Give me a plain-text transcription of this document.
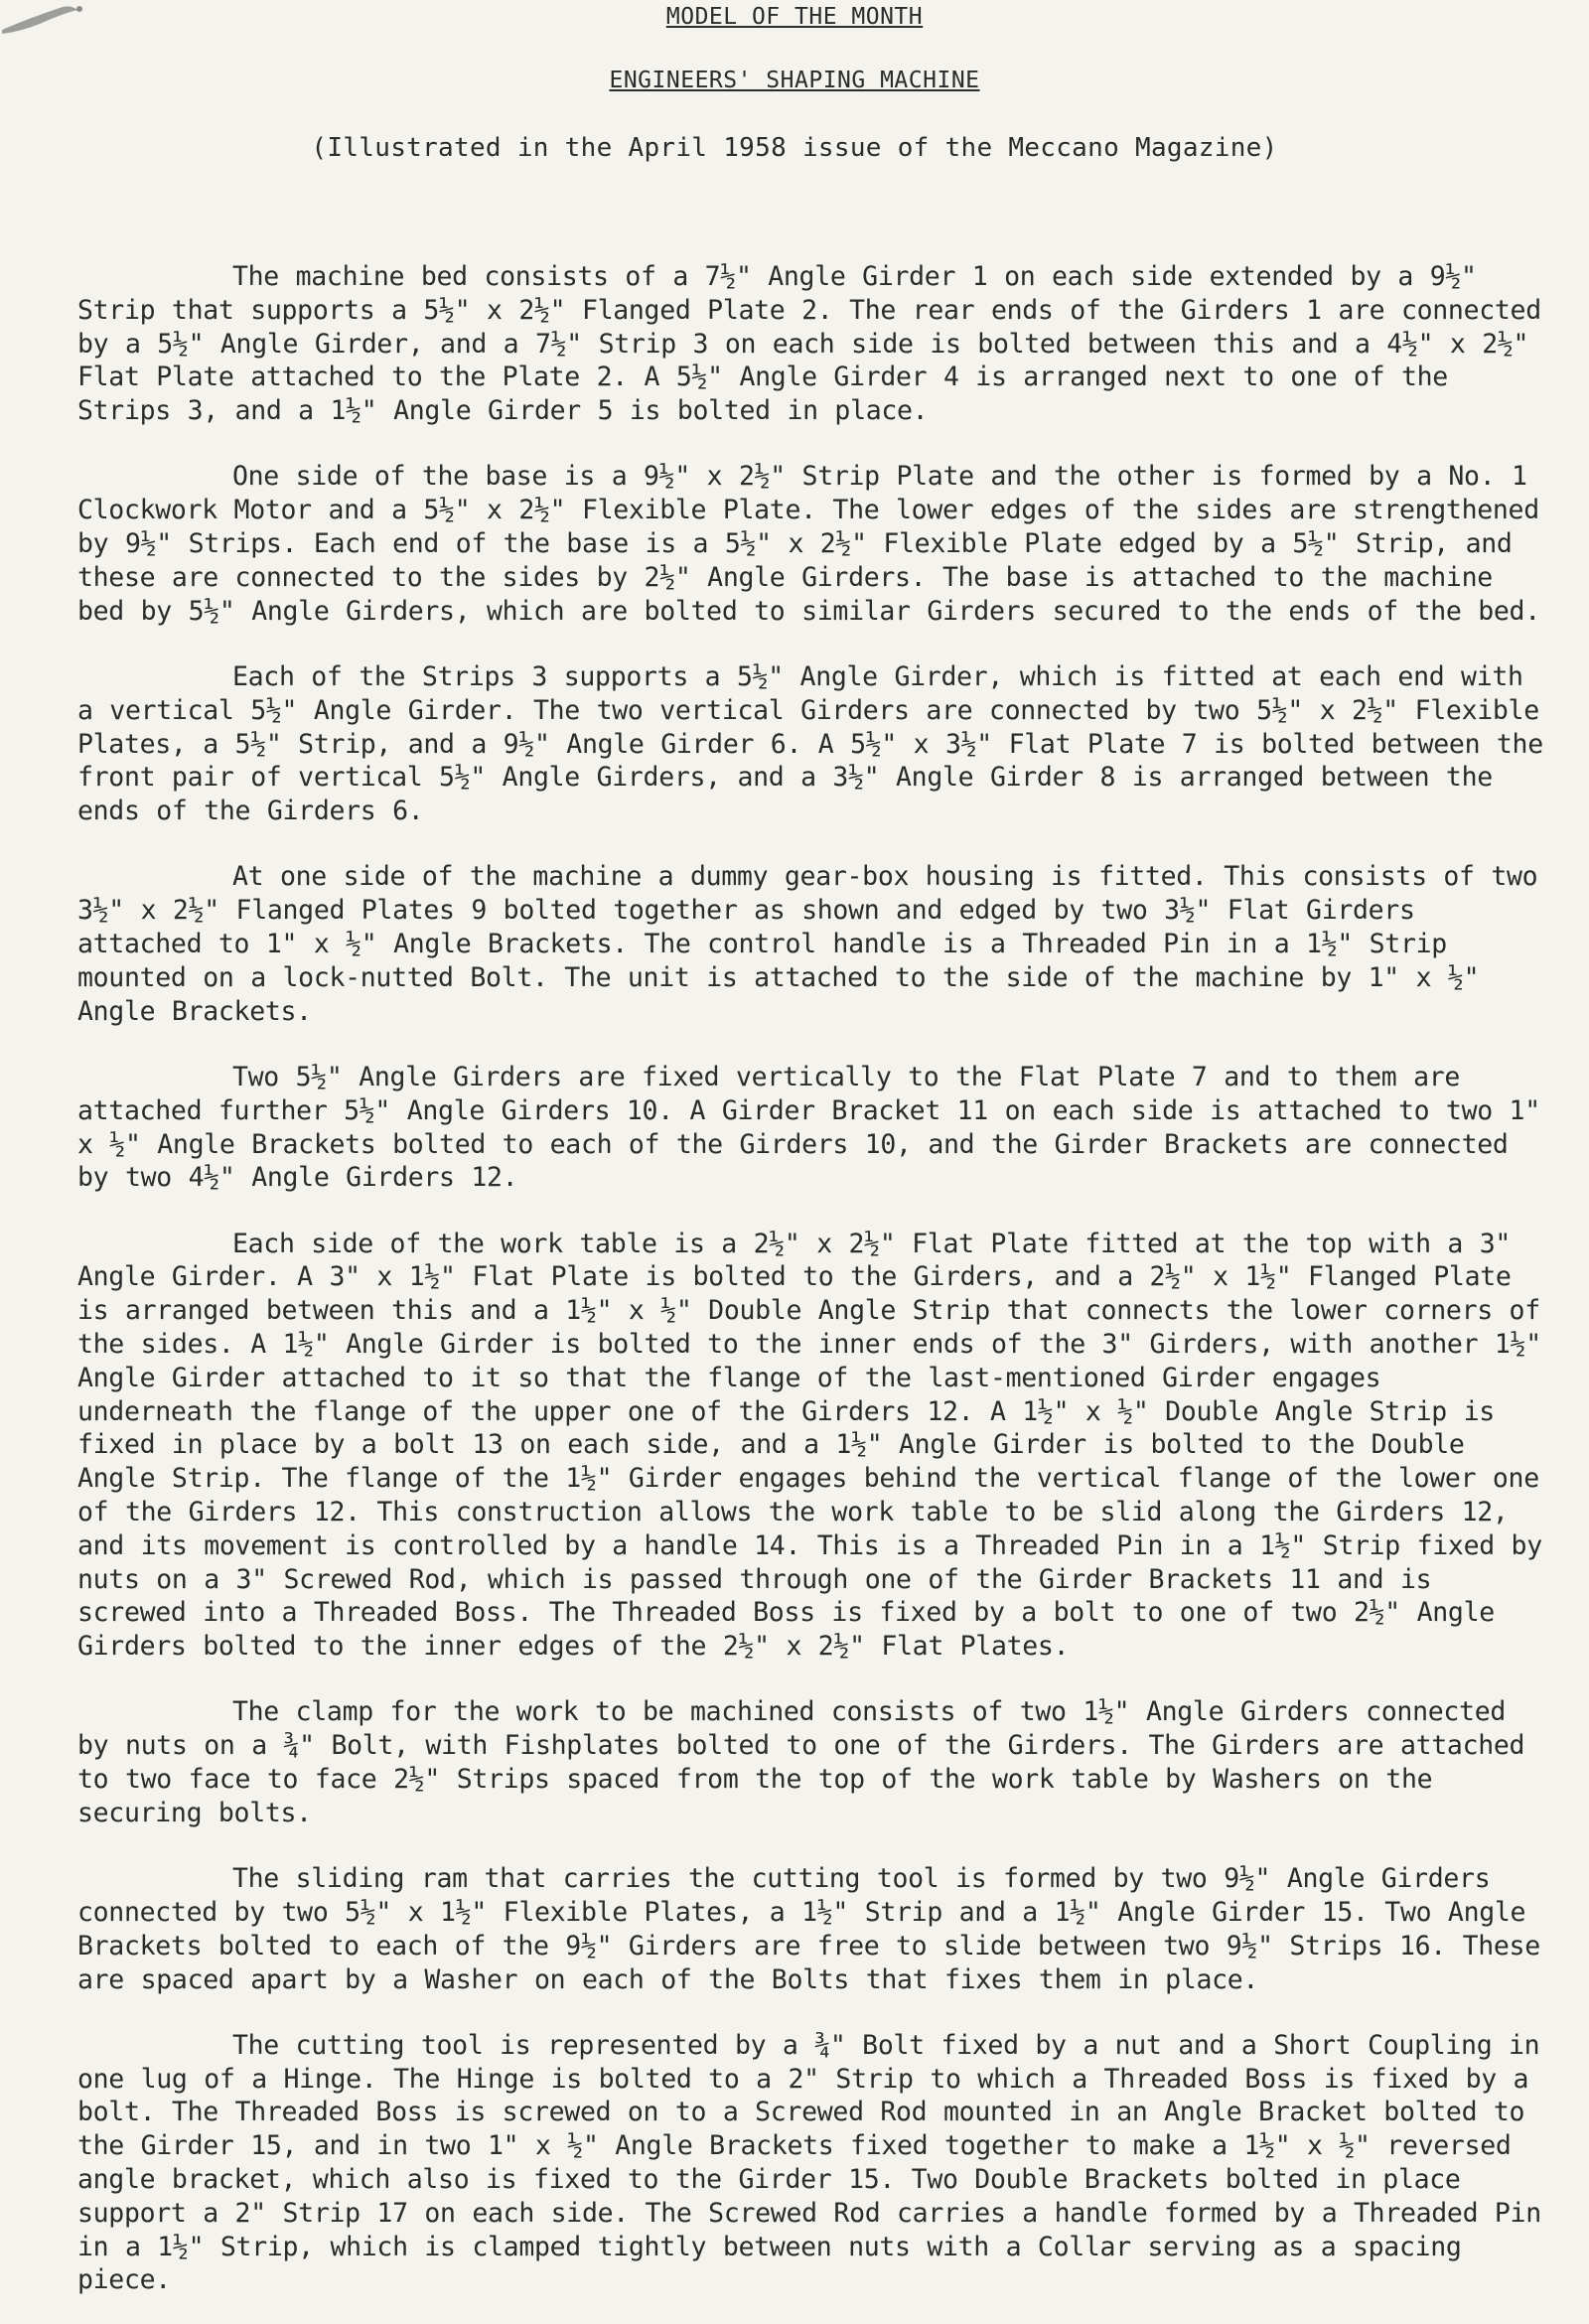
MODEL OF THE MONTH
ENGINEERS' SHAPING MACHINE
(Illustrated in the April 1958 issue of the Meccano Magazine)

The machine bed consists of a 7½" Angle Girder 1 on each side extended by a 9½" Strip that supports a 5½" x 2½" Flanged Plate 2. The rear ends of the Girders 1 are connected by a 5½" Angle Girder, and a 7½" Strip 3 on each side is bolted between this and a 4½" x 2½" Flat Plate attached to the Plate 2. A 5½" Angle Girder 4 is arranged next to one of the Strips 3, and a 1½" Angle Girder 5 is bolted in place.

One side of the base is a 9½" x 2½" Strip Plate and the other is formed by a No. 1 Clockwork Motor and a 5½" x 2½" Flexible Plate. The lower edges of the sides are strengthened by 9½" Strips. Each end of the base is a 5½" x 2½" Flexible Plate edged by a 5½" Strip, and these are connected to the sides by 2½" Angle Girders. The base is attached to the machine bed by 5½" Angle Girders, which are bolted to similar Girders secured to the ends of the bed.

Each of the Strips 3 supports a 5½" Angle Girder, which is fitted at each end with a vertical 5½" Angle Girder. The two vertical Girders are connected by two 5½" x 2½" Flexible Plates, a 5½" Strip, and a 9½" Angle Girder 6. A 5½" x 3½" Flat Plate 7 is bolted between the front pair of vertical 5½" Angle Girders, and a 3½" Angle Girder 8 is arranged between the ends of the Girders 6.

At one side of the machine a dummy gear-box housing is fitted. This consists of two 3½" x 2½" Flanged Plates 9 bolted together as shown and edged by two 3½" Flat Girders attached to 1" x ½" Angle Brackets. The control handle is a Threaded Pin in a 1½" Strip mounted on a lock-nutted Bolt. The unit is attached to the side of the machine by 1" x ½" Angle Brackets.

Two 5½" Angle Girders are fixed vertically to the Flat Plate 7 and to them are attached further 5½" Angle Girders 10. A Girder Bracket 11 on each side is attached to two 1" x ½" Angle Brackets bolted to each of the Girders 10, and the Girder Brackets are connected by two 4½" Angle Girders 12.

Each side of the work table is a 2½" x 2½" Flat Plate fitted at the top with a 3" Angle Girder. A 3" x 1½" Flat Plate is bolted to the Girders, and a 2½" x 1½" Flanged Plate is arranged between this and a 1½" x ½" Double Angle Strip that connects the lower corners of the sides. A 1½" Angle Girder is bolted to the inner ends of the 3" Girders, with another 1½" Angle Girder attached to it so that the flange of the last-mentioned Girder engages underneath the flange of the upper one of the Girders 12. A 1½" x ½" Double Angle Strip is fixed in place by a bolt 13 on each side, and a 1½" Angle Girder is bolted to the Double Angle Strip. The flange of the 1½" Girder engages behind the vertical flange of the lower one of the Girders 12. This construction allows the work table to be slid along the Girders 12, and its movement is controlled by a handle 14. This is a Threaded Pin in a 1½" Strip fixed by nuts on a 3" Screwed Rod, which is passed through one of the Girder Brackets 11 and is screwed into a Threaded Boss. The Threaded Boss is fixed by a bolt to one of two 2½" Angle Girders bolted to the inner edges of the 2½" x 2½" Flat Plates.

The clamp for the work to be machined consists of two 1½" Angle Girders connected by nuts on a ¾" Bolt, with Fishplates bolted to one of the Girders. The Girders are attached to two face to face 2½" Strips spaced from the top of the work table by Washers on the securing bolts.

The sliding ram that carries the cutting tool is formed by two 9½" Angle Girders connected by two 5½" x 1½" Flexible Plates, a 1½" Strip and a 1½" Angle Girder 15. Two Angle Brackets bolted to each of the 9½" Girders are free to slide between two 9½" Strips 16. These are spaced apart by a Washer on each of the Bolts that fixes them in place.

The cutting tool is represented by a ¾" Bolt fixed by a nut and a Short Coupling in one lug of a Hinge. The Hinge is bolted to a 2" Strip to which a Threaded Boss is fixed by a bolt. The Threaded Boss is screwed on to a Screwed Rod mounted in an Angle Bracket bolted to the Girder 15, and in two 1" x ½" Angle Brackets fixed together to make a 1½" x ½" reversed angle bracket, which also is fixed to the Girder 15. Two Double Brackets bolted in place support a 2" Strip 17 on each side. The Screwed Rod carries a handle formed by a Threaded Pin in a 1½" Strip, which is clamped tightly between nuts with a Collar serving as a spacing piece.
